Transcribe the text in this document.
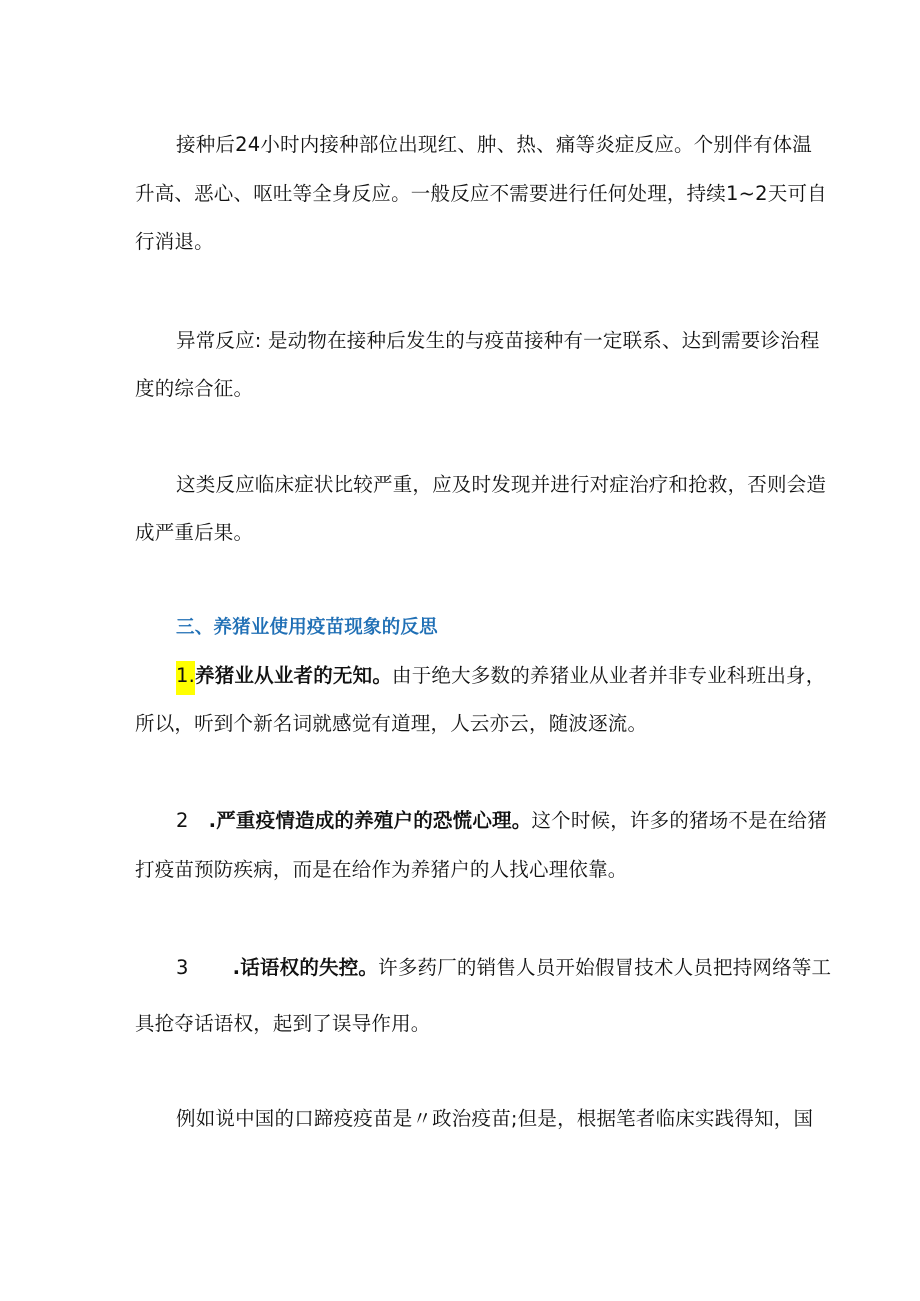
接种后24小时内接种部位出现红、肿、热、痛等炎症反应。个别伴有体温
升高、恶心、呕吐等全身反应。一般反应不需要进行任何处理，持续1~2天可自
行消退。
异常反应: 是动物在接种后发生的与疫苗接种有一定联系、达到需要诊治程
度的综合征。
这类反应临床症状比较严重，应及时发现并进行对症治疗和抢救，否则会造
成严重后果。
三、养猪业使用疫苗现象的反思
1.养猪业从业者的无知。由于绝大多数的养猪业从业者并非专业科班出身，
所以，听到个新名词就感觉有道理，人云亦云，随波逐流。
2 .严重疫情造成的养殖户的恐慌心理。这个时候，许多的猪场不是在给猪
打疫苗预防疾病，而是在给作为养猪户的人找心理依靠。
3 .话语权的失控。许多药厂的销售人员开始假冒技术人员把持网络等工
具抢夺话语权，起到了误导作用。
例如说中国的口蹄疫疫苗是〃政治疫苗;但是，根据笔者临床实践得知，国
